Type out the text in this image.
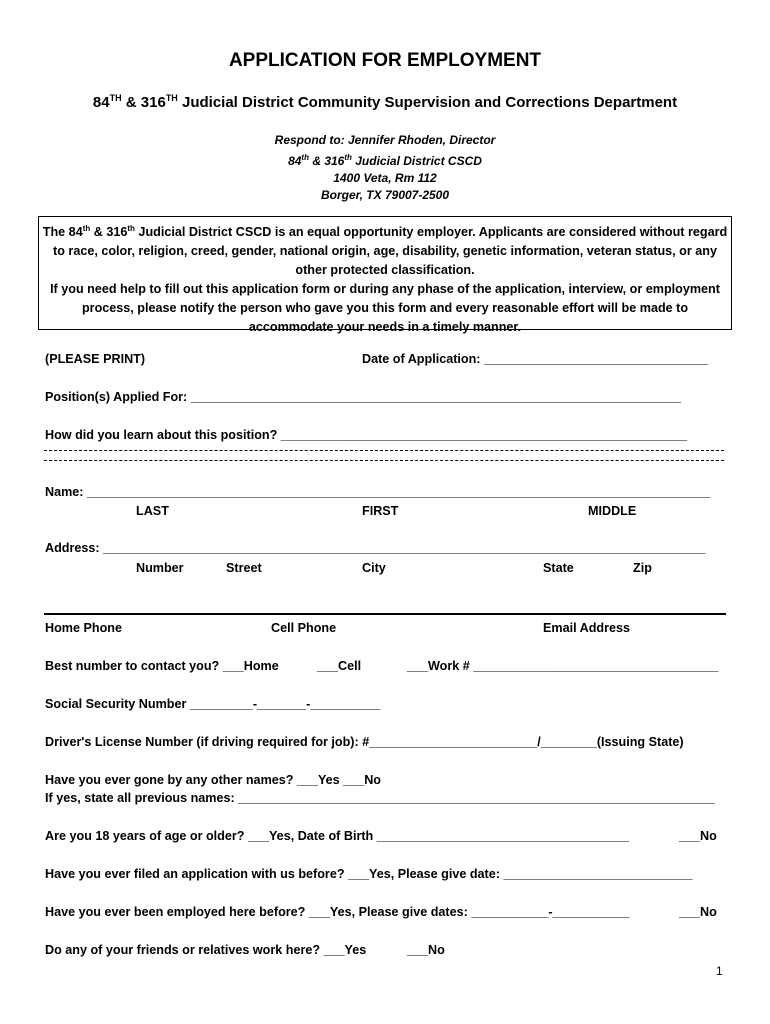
APPLICATION FOR EMPLOYMENT
84TH & 316TH Judicial District Community Supervision and Corrections Department
Respond to: Jennifer Rhoden, Director
84th & 316th Judicial District CSCD
1400 Veta, Rm 112
Borger, TX 79007-2500
The 84th & 316th Judicial District CSCD is an equal opportunity employer. Applicants are considered without regard to race, color, religion, creed, gender, national origin, age, disability, genetic information, veteran status, or any other protected classification.
If you need help to fill out this application form or during any phase of the application, interview, or employment process, please notify the person who gave you this form and every reasonable effort will be made to accommodate your needs in a timely manner.
(PLEASE PRINT)	Date of Application: ________________________________
Position(s) Applied For: ______________________________________________________________________
How did you learn about this position? __________________________________________________________
Name: _________________________________________________________________________________________
LAST	FIRST	MIDDLE
Address: ______________________________________________________________________________________
Number	Street	City	State	Zip
Home Phone	Cell Phone	Email Address
Best number to contact you? ___Home	___Cell	___Work # ___________________________________
Social Security Number _________-_______-__________
Driver's License Number (if driving required for job): #________________________/________(Issuing State)
Have you ever gone by any other names? ___Yes ___No
If yes, state all previous names: ____________________________________________________________________
Are you 18 years of age or older? ___Yes, Date of Birth ____________________________________	___No
Have you ever filed an application with us before? ___Yes, Please give date: ___________________________
Have you ever been employed here before? ___Yes, Please give dates: ___________-___________	___No
Do any of your friends or relatives work here? ___Yes	___No
1
